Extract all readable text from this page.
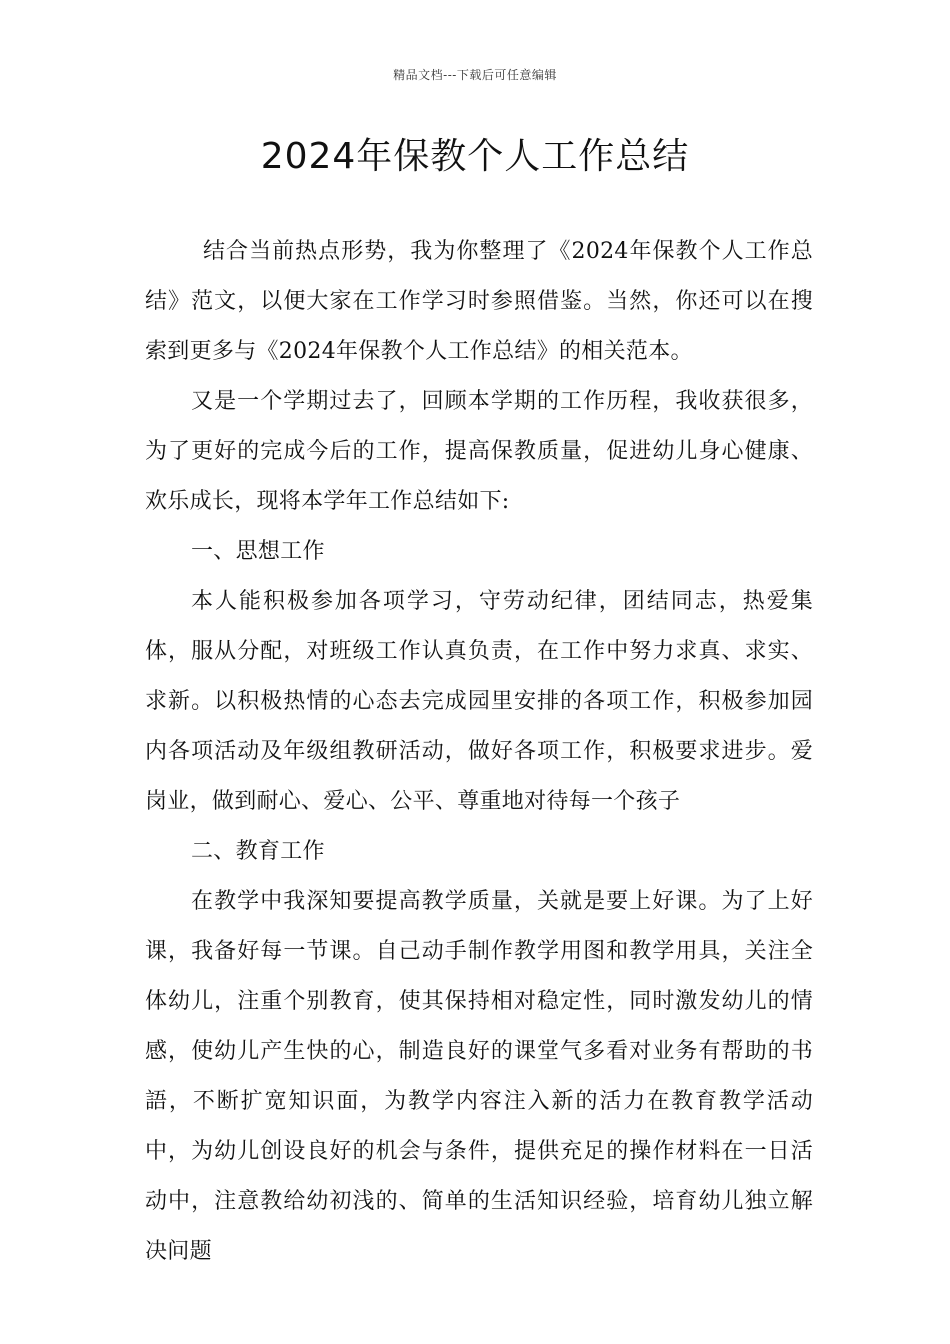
精品文档---下载后可任意编辑
2024年保教个人工作总结

结合当前热点形势，我为你整理了《2024年保教个人工作总结》范文，以便大家在工作学习时参照借鉴。当然，你还可以在搜索到更多与《2024年保教个人工作总结》的相关范本。

又是一个学期过去了，回顾本学期的工作历程，我收获很多，为了更好的完成今后的工作，提高保教质量，促进幼儿身心健康、欢乐成长，现将本学年工作总结如下:

一、思想工作

本人能积极参加各项学习，守劳动纪律，团结同志，热爱集体，服从分配，对班级工作认真负责，在工作中努力求真、求实、求新。以积极热情的心态去完成园里安排的各项工作，积极参加园内各项活动及年级组教研活动，做好各项工作，积极要求进步。爱岗业，做到耐心、爱心、公平、尊重地对待每一个孩子

二、教育工作

在教学中我深知要提高教学质量，关就是要上好课。为了上好课，我备好每一节课。自己动手制作教学用图和教学用具，关注全体幼儿，注重个别教育，使其保持相对稳定性，同时激发幼儿的情感，使幼儿产生快的心，制造良好的课堂气多看对业务有帮助的书語，不断扩宽知识面，为教学内容注入新的活力在教育教学活动中，为幼儿创设良好的机会与条件，提供充足的操作材料在一日活动中，注意教给幼初浅的、简单的生活知识经验，培育幼儿独立解决问题
